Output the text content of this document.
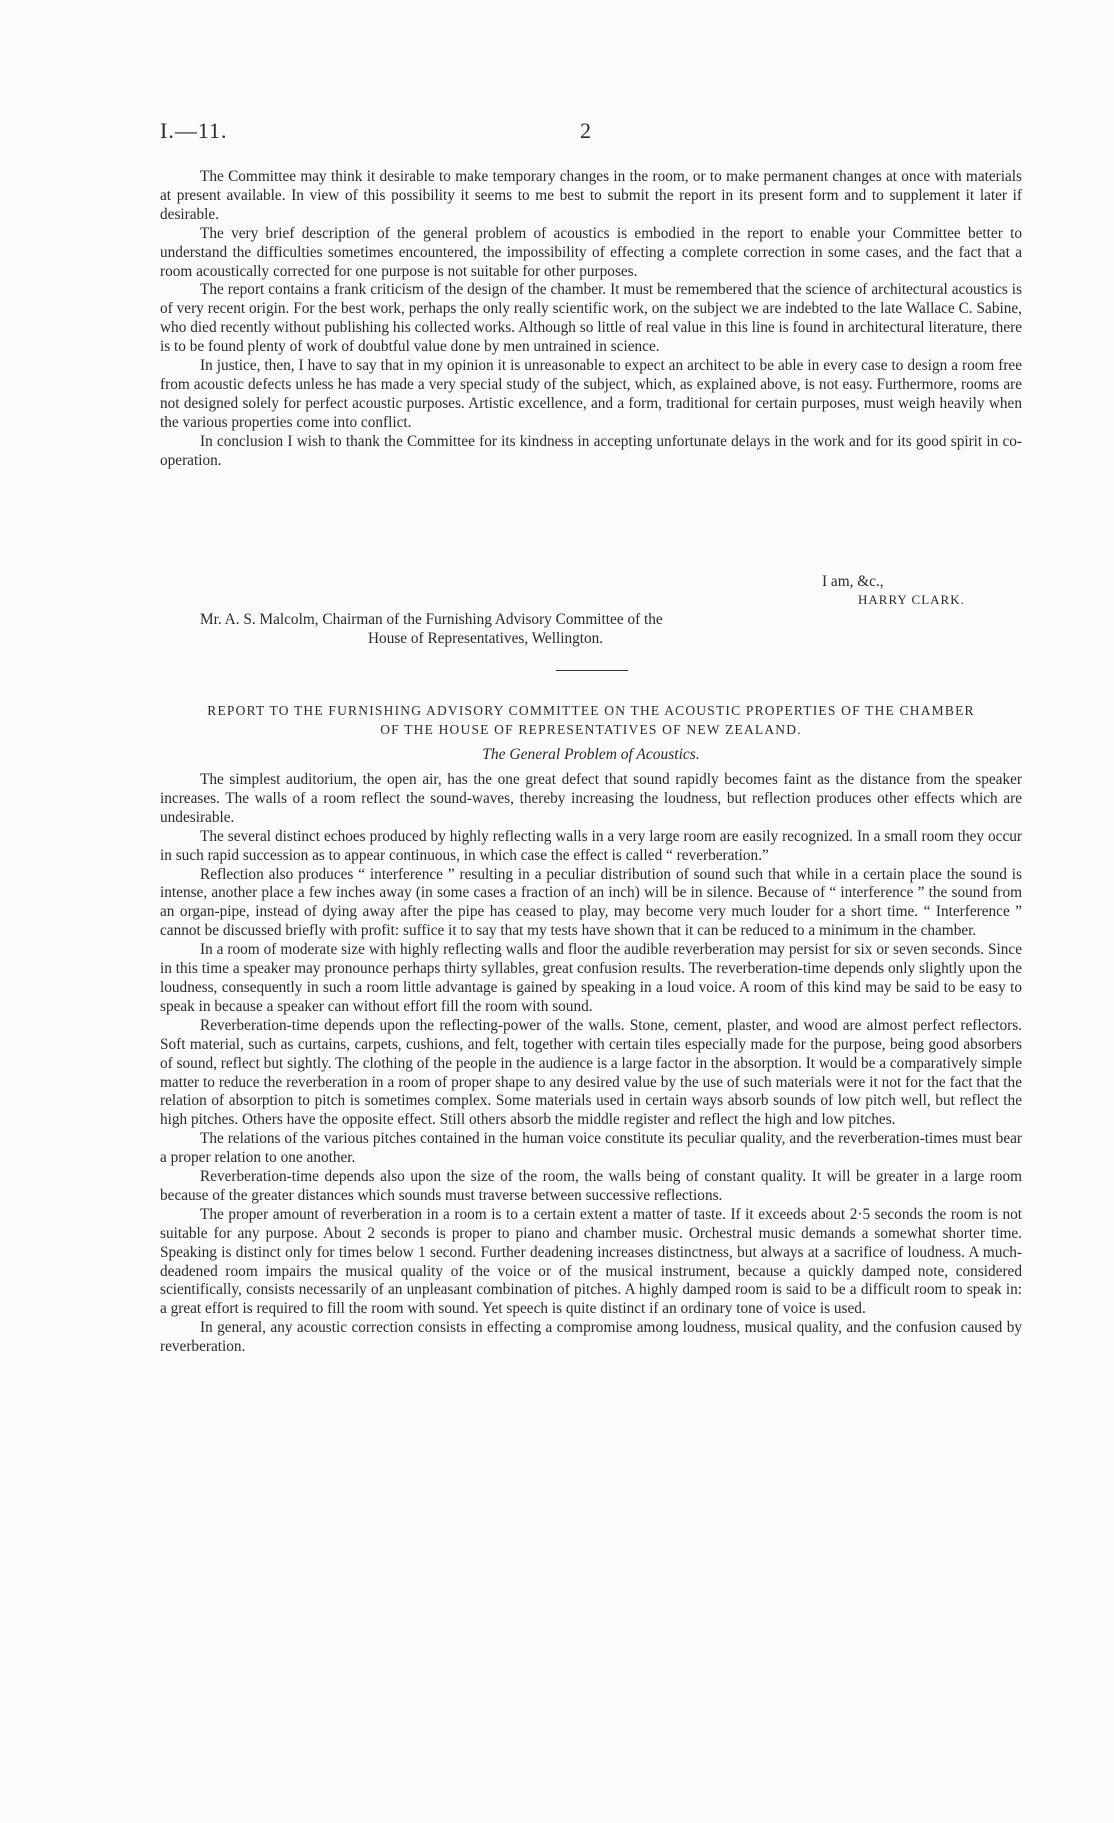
I.—11.	2

The Committee may think it desirable to make temporary changes in the room, or to make permanent changes at once with materials at present available. In view of this possibility it seems to me best to submit the report in its present form and to supplement it later if desirable.

The very brief description of the general problem of acoustics is embodied in the report to enable your Committee better to understand the difficulties sometimes encountered, the impossibility of effecting a complete correction in some cases, and the fact that a room acoustically corrected for one purpose is not suitable for other purposes.

The report contains a frank criticism of the design of the chamber. It must be remembered that the science of architectural acoustics is of very recent origin. For the best work, perhaps the only really scientific work, on the subject we are indebted to the late Wallace C. Sabine, who died recently without publishing his collected works. Although so little of real value in this line is found in architectural literature, there is to be found plenty of work of doubtful value done by men untrained in science.

In justice, then, I have to say that in my opinion it is unreasonable to expect an architect to be able in every case to design a room free from acoustic defects unless he has made a very special study of the subject, which, as explained above, is not easy. Furthermore, rooms are not designed solely for perfect acoustic purposes. Artistic excellence, and a form, traditional for certain purposes, must weigh heavily when the various properties come into conflict.

In conclusion I wish to thank the Committee for its kindness in accepting unfortunate delays in the work and for its good spirit in co-operation.

I am, &c.,
HARRY CLARK.
Mr. A. S. Malcolm, Chairman of the Furnishing Advisory Committee of the
House of Representatives, Wellington.
REPORT TO THE FURNISHING ADVISORY COMMITTEE ON THE ACOUSTIC PROPERTIES OF THE CHAMBER
OF THE HOUSE OF REPRESENTATIVES OF NEW ZEALAND.
The General Problem of Acoustics.

The simplest auditorium, the open air, has the one great defect that sound rapidly becomes faint as the distance from the speaker increases. The walls of a room reflect the sound-waves, thereby increasing the loudness, but reflection produces other effects which are undesirable.

The several distinct echoes produced by highly reflecting walls in a very large room are easily recognized. In a small room they occur in such rapid succession as to appear continuous, in which case the effect is called “ reverberation.”

Reflection also produces “ interference ” resulting in a peculiar distribution of sound such that while in a certain place the sound is intense, another place a few inches away (in some cases a fraction of an inch) will be in silence. Because of “ interference ” the sound from an organ-pipe, instead of dying away after the pipe has ceased to play, may become very much louder for a short time. “ Interference ” cannot be discussed briefly with profit: suffice it to say that my tests have shown that it can be reduced to a minimum in the chamber.

In a room of moderate size with highly reflecting walls and floor the audible reverberation may persist for six or seven seconds. Since in this time a speaker may pronounce perhaps thirty syllables, great confusion results. The reverberation-time depends only slightly upon the loudness, consequently in such a room little advantage is gained by speaking in a loud voice. A room of this kind may be said to be easy to speak in because a speaker can without effort fill the room with sound.

Reverberation-time depends upon the reflecting-power of the walls. Stone, cement, plaster, and wood are almost perfect reflectors. Soft material, such as curtains, carpets, cushions, and felt, together with certain tiles especially made for the purpose, being good absorbers of sound, reflect but sightly. The clothing of the people in the audience is a large factor in the absorption. It would be a comparatively simple matter to reduce the reverberation in a room of proper shape to any desired value by the use of such materials were it not for the fact that the relation of absorption to pitch is sometimes complex. Some materials used in certain ways absorb sounds of low pitch well, but reflect the high pitches. Others have the opposite effect. Still others absorb the middle register and reflect the high and low pitches.

The relations of the various pitches contained in the human voice constitute its peculiar quality, and the reverberation-times must bear a proper relation to one another.

Reverberation-time depends also upon the size of the room, the walls being of constant quality. It will be greater in a large room because of the greater distances which sounds must traverse between successive reflections.

The proper amount of reverberation in a room is to a certain extent a matter of taste. If it exceeds about 2·5 seconds the room is not suitable for any purpose. About 2 seconds is proper to piano and chamber music. Orchestral music demands a somewhat shorter time. Speaking is distinct only for times below 1 second. Further deadening increases distinctness, but always at a sacrifice of loudness. A much-deadened room impairs the musical quality of the voice or of the musical instrument, because a quickly damped note, considered scientifically, consists necessarily of an unpleasant combination of pitches. A highly damped room is said to be a difficult room to speak in: a great effort is required to fill the room with sound. Yet speech is quite distinct if an ordinary tone of voice is used.

In general, any acoustic correction consists in effecting a compromise among loudness, musical quality, and the confusion caused by reverberation.
